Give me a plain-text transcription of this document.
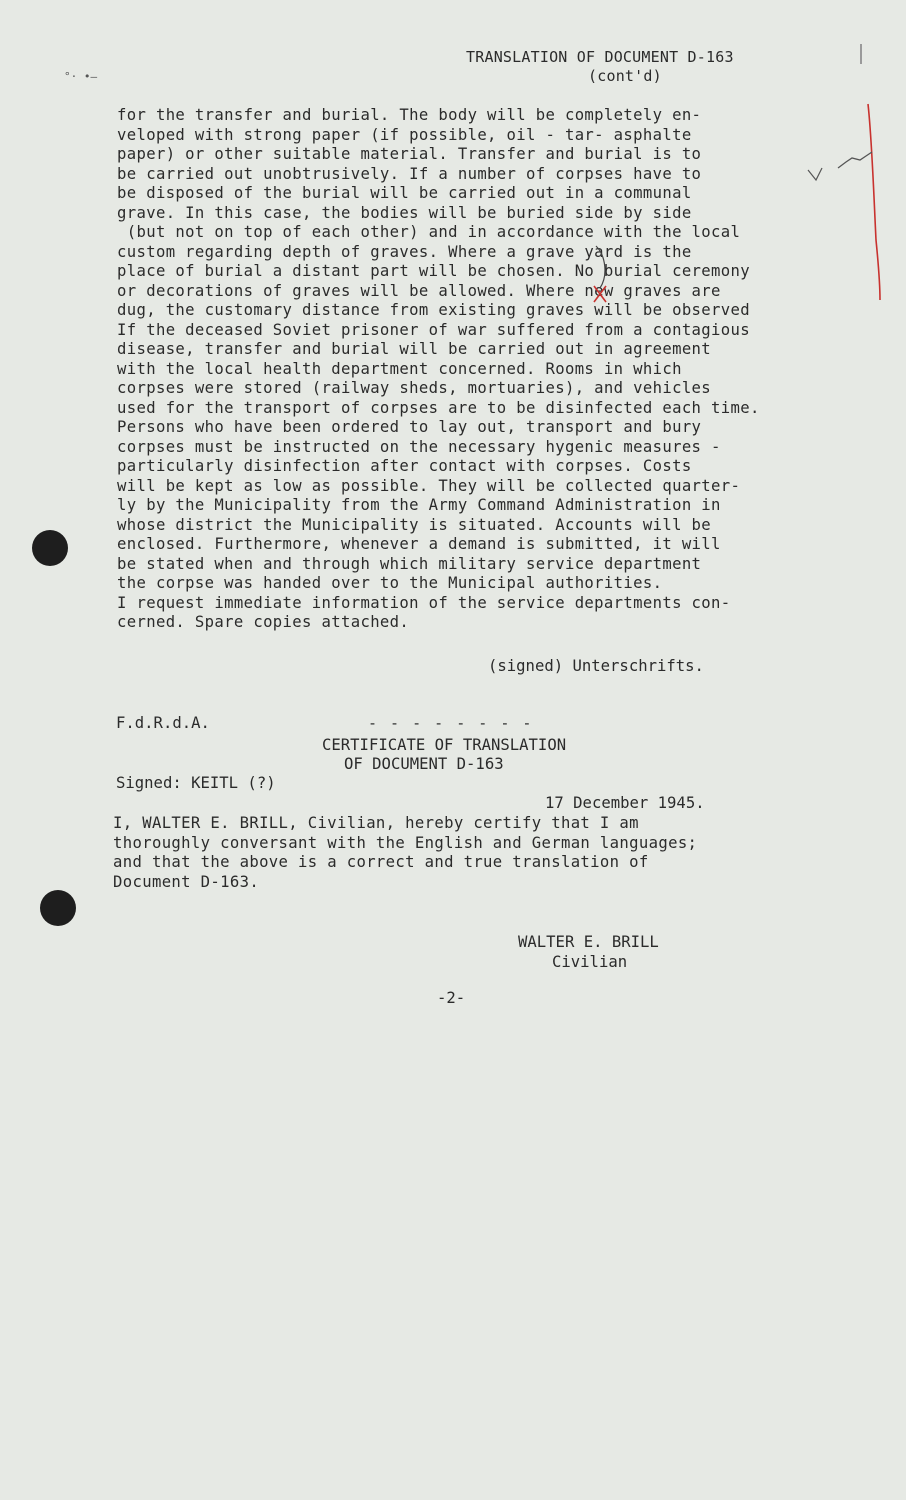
°· •–
TRANSLATION OF DOCUMENT D-163
(cont'd)
for the transfer and burial. The body will be completely en-
veloped with strong paper (if possible, oil - tar- asphalte
paper) or other suitable material. Transfer and burial is to
be carried out unobtrusively. If a number of corpses have to
be disposed of the burial will be carried out in a communal
grave. In this case, the bodies will be buried side by side
(but not on top of each other) and in accordance with the local
custom regarding depth of graves. Where a grave yard is the
place of burial a distant part will be chosen. No burial ceremony
or decorations of graves will be allowed. Where new graves are
dug, the customary distance from existing graves will be observed
If the deceased Soviet prisoner of war suffered from a contagious
disease, transfer and burial will be carried out in agreement
with the local health department concerned. Rooms in which
corpses were stored (railway sheds, mortuaries), and vehicles
used for the transport of corpses are to be disinfected each time.
Persons who have been ordered to lay out, transport and bury
corpses must be instructed on the necessary hygenic measures -
particularly disinfection after contact with corpses. Costs
will be kept as low as possible. They will be collected quarter-
ly by the Municipality from the Army Command Administration in
whose district the Municipality is situated. Accounts will be
enclosed. Furthermore, whenever a demand is submitted, it will
be stated when and through which military service department
the corpse was handed over to the Municipal authorities.
I request immediate information of the service departments con-
cerned. Spare copies attached.
(signed) Unterschrifts.

F.d.R.d.A.

Signed: KEITL (?)

- - - - - - - -
CERTIFICATE OF TRANSLATION
OF DOCUMENT D-163
17 December 1945.
I, WALTER E. BRILL, Civilian, hereby certify that I am
thoroughly conversant with the English and German languages;
and that the above is a correct and true translation of
Document D-163.
WALTER E. BRILL
Civilian
-2-
